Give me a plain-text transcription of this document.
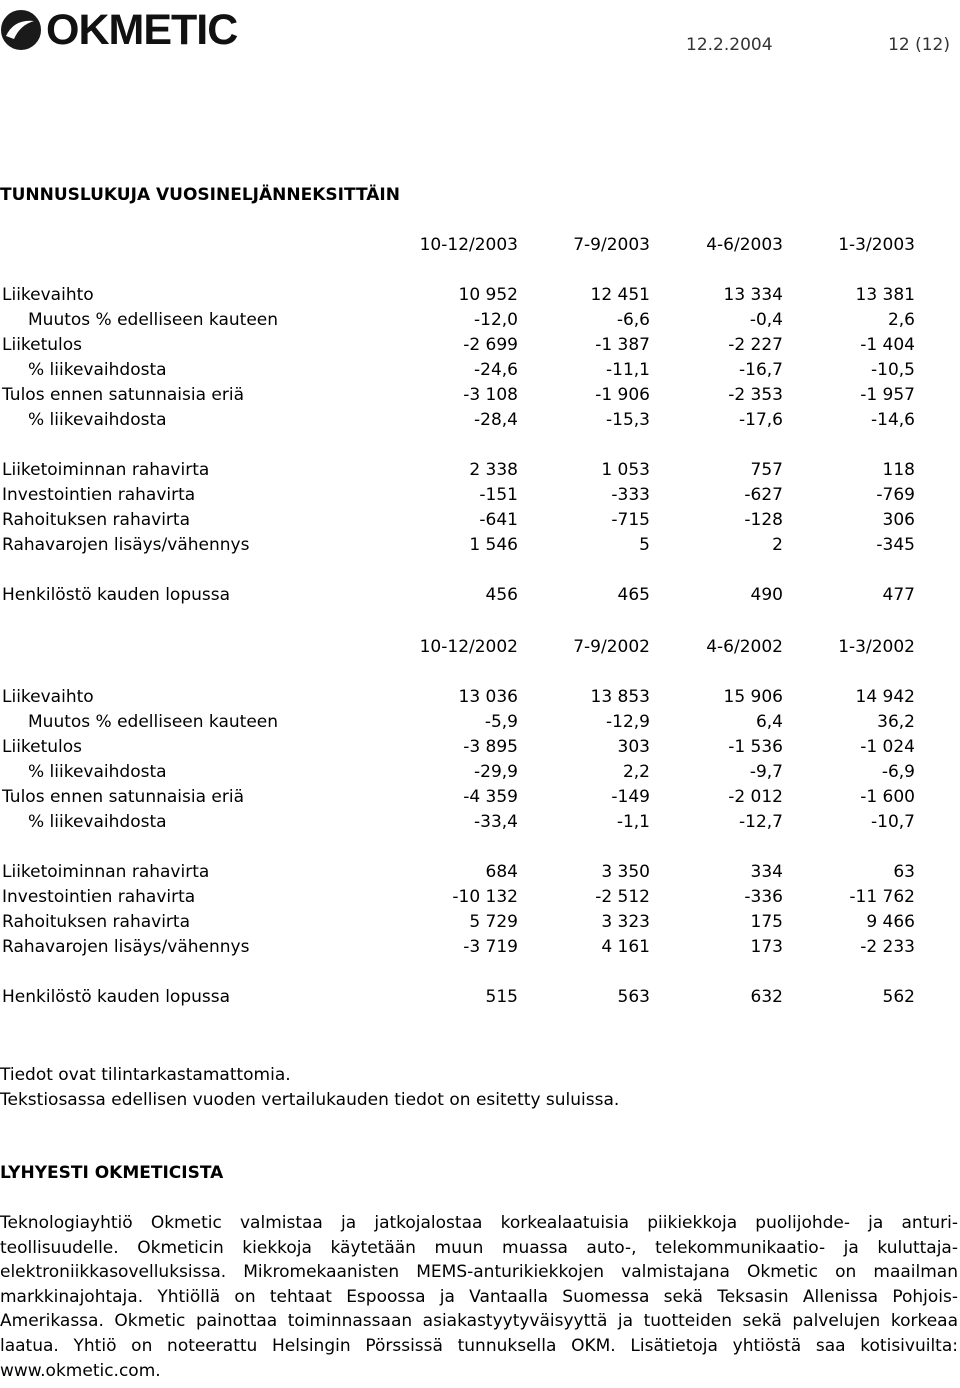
OKMETIC	12.2.2004	12 (12)
TUNNUSLUKUJA VUOSINELJÄNNEKSITTÄIN
10-12/2003	7-9/2003	4-6/2003	1-3/2003
Liikevaihto	10 952	12 451	13 334	13 381
Muutos % edelliseen kauteen	-12,0	-6,6	-0,4	2,6
Liiketulos	-2 699	-1 387	-2 227	-1 404
% liikevaihdosta	-24,6	-11,1	-16,7	-10,5
Tulos ennen satunnaisia eriä	-3 108	-1 906	-2 353	-1 957
% liikevaihdosta	-28,4	-15,3	-17,6	-14,6
Liiketoiminnan rahavirta	2 338	1 053	757	118
Investointien rahavirta	-151	-333	-627	-769
Rahoituksen rahavirta	-641	-715	-128	306
Rahavarojen lisäys/vähennys	1 546	5	2	-345
Henkilöstö kauden lopussa	456	465	490	477
10-12/2002	7-9/2002	4-6/2002	1-3/2002
Liikevaihto	13 036	13 853	15 906	14 942
Muutos % edelliseen kauteen	-5,9	-12,9	6,4	36,2
Liiketulos	-3 895	303	-1 536	-1 024
% liikevaihdosta	-29,9	2,2	-9,7	-6,9
Tulos ennen satunnaisia eriä	-4 359	-149	-2 012	-1 600
% liikevaihdosta	-33,4	-1,1	-12,7	-10,7
Liiketoiminnan rahavirta	684	3 350	334	63
Investointien rahavirta	-10 132	-2 512	-336	-11 762
Rahoituksen rahavirta	5 729	3 323	175	9 466
Rahavarojen lisäys/vähennys	-3 719	4 161	173	-2 233
Henkilöstö kauden lopussa	515	563	632	562
Tiedot ovat tilintarkastamattomia.
Tekstiosassa edellisen vuoden vertailukauden tiedot on esitetty suluissa.
LYHYESTI OKMETICISTA

Teknologiayhtiö Okmetic valmistaa ja jatkojalostaa korkealaatuisia piikiekkoja puolijohde- ja anturi-teollisuudelle. Okmeticin kiekkoja käytetään muun muassa auto-, telekommunikaatio- ja kuluttaja-elektroniikkasovelluksissa. Mikromekaanisten MEMS-anturikiekkojen valmistajana Okmetic on maailman markkinajohtaja. Yhtiöllä on tehtaat Espoossa ja Vantaalla Suomessa sekä Teksasin Allenissa Pohjois-Amerikassa. Okmetic painottaa toiminnassaan asiakastyytyväisyyttä ja tuotteiden sekä palvelujen korkeaa laatua. Yhtiö on noteerattu Helsingin Pörssissä tunnuksella OKM. Lisätietoja yhtiöstä saa kotisivuilta: www.okmetic.com.
